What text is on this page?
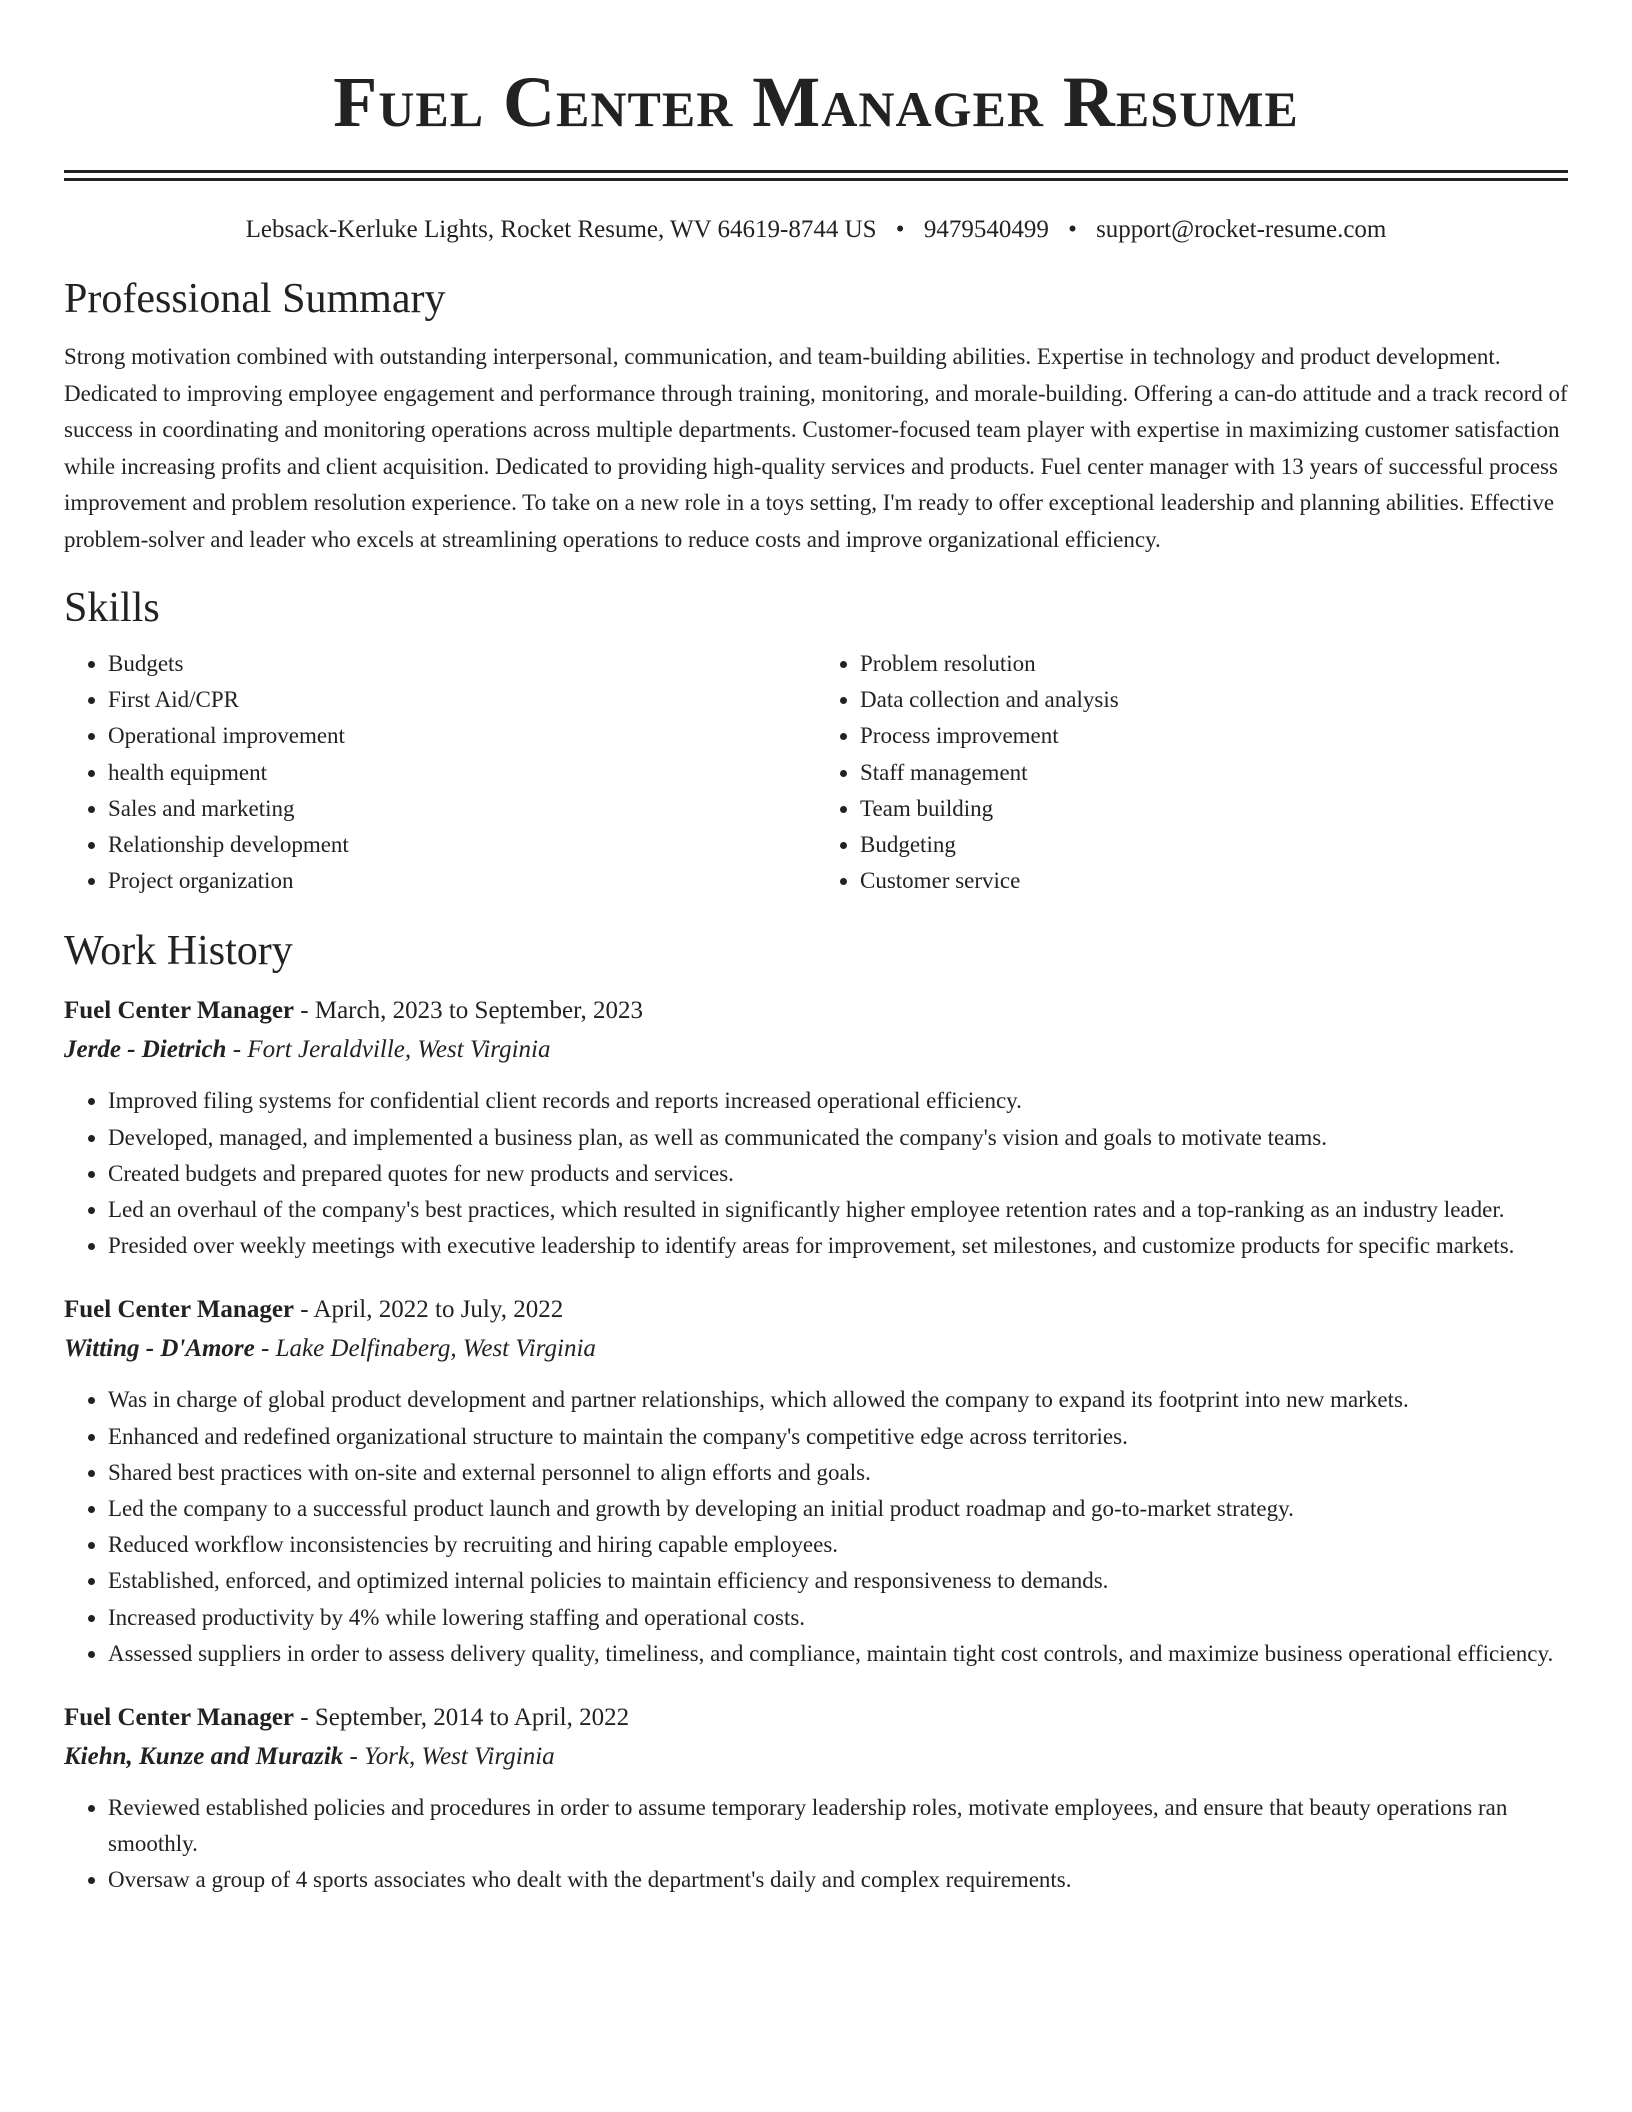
Fuel Center Manager Resume
Lebsack-Kerluke Lights, Rocket Resume, WV 64619-8744 US • 9479540499 • support@rocket-resume.com
Professional Summary

Strong motivation combined with outstanding interpersonal, communication, and team-building abilities. Expertise in technology and product development. Dedicated to improving employee engagement and performance through training, monitoring, and morale-building. Offering a can-do attitude and a track record of success in coordinating and monitoring operations across multiple departments. Customer-focused team player with expertise in maximizing customer satisfaction while increasing profits and client acquisition. Dedicated to providing high-quality services and products. Fuel center manager with 13 years of successful process improvement and problem resolution experience. To take on a new role in a toys setting, I'm ready to offer exceptional leadership and planning abilities. Effective problem-solver and leader who excels at streamlining operations to reduce costs and improve organizational efficiency.

Skills
• Budgets
• First Aid/CPR
• Operational improvement
• health equipment
• Sales and marketing
• Relationship development
• Project organization
• Problem resolution
• Data collection and analysis
• Process improvement
• Staff management
• Team building
• Budgeting
• Customer service
Work History
Fuel Center Manager - March, 2023 to September, 2023
Jerde - Dietrich - Fort Jeraldville, West Virginia
• Improved filing systems for confidential client records and reports increased operational efficiency.
• Developed, managed, and implemented a business plan, as well as communicated the company's vision and goals to motivate teams.
• Created budgets and prepared quotes for new products and services.
• Led an overhaul of the company's best practices, which resulted in significantly higher employee retention rates and a top-ranking as an industry leader.
• Presided over weekly meetings with executive leadership to identify areas for improvement, set milestones, and customize products for specific markets.
Fuel Center Manager - April, 2022 to July, 2022
Witting - D'Amore - Lake Delfinaberg, West Virginia
• Was in charge of global product development and partner relationships, which allowed the company to expand its footprint into new markets.
• Enhanced and redefined organizational structure to maintain the company's competitive edge across territories.
• Shared best practices with on-site and external personnel to align efforts and goals.
• Led the company to a successful product launch and growth by developing an initial product roadmap and go-to-market strategy.
• Reduced workflow inconsistencies by recruiting and hiring capable employees.
• Established, enforced, and optimized internal policies to maintain efficiency and responsiveness to demands.
• Increased productivity by 4% while lowering staffing and operational costs.
• Assessed suppliers in order to assess delivery quality, timeliness, and compliance, maintain tight cost controls, and maximize business operational efficiency.
Fuel Center Manager - September, 2014 to April, 2022
Kiehn, Kunze and Murazik - York, West Virginia
• Reviewed established policies and procedures in order to assume temporary leadership roles, motivate employees, and ensure that beauty operations ran smoothly.
• Oversaw a group of 4 sports associates who dealt with the department's daily and complex requirements.
